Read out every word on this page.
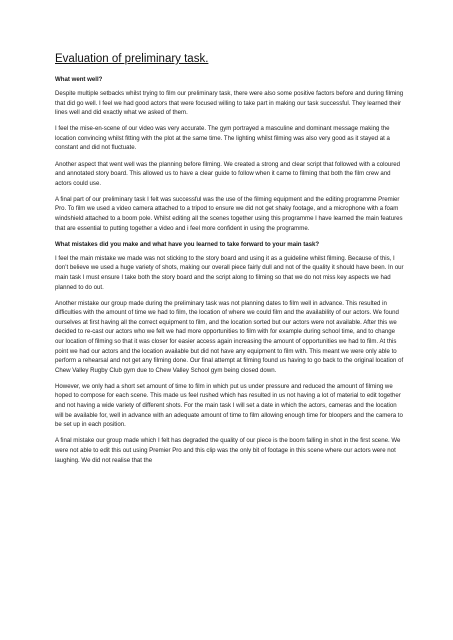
Evaluation of preliminary task.
What went well?

Despite multiple setbacks whilst trying to film our preliminary task, there were also some positive factors before and during filming that did go well. I feel we had good actors that were focused willing to take part in making our task successful. They learned their lines well and did exactly what we asked of them.

I feel the mise-en-scene of our video was very accurate. The gym portrayed a masculine and dominant message making the location convincing whilst fitting with the plot at the same time. The lighting whilst filming was also very good as it stayed at a constant and did not fluctuate.

Another aspect that went well was the planning before filming. We created a strong and clear script that followed with a coloured and annotated story board. This allowed us to have a clear guide to follow when it came to filming that both the film crew and actors could use.

A final part of our preliminary task I felt was successful was the use of the filming equipment and the editing programme Premier Pro. To film we used a video camera attached to a tripod to ensure we did not get shaky footage, and a microphone with a foam windshield attached to a boom pole. Whilst editing all the scenes together using this programme I have learned the main features that are essential to putting together a video and i feel more confident in using the programme.

What mistakes did you make and what have you learned to take forward to your main task?

I feel the main mistake we made was not sticking to the story board and using it as a guideline whilst filming. Because of this, I don’t believe we used a huge variety of shots, making our overall piece fairly dull and not of the quality it should have been. In our main task I must ensure I take both the story board and the script along to filming so that we do not miss key aspects we had planned to do out.

Another mistake our group made during the preliminary task was not planning dates to film well in advance. This resulted in difficulties with the amount of time we had to film, the location of where we could film and the availability of our actors. We found ourselves at first having all the correct equipment to film, and the location sorted but our actors were not available. After this we decided to re-cast our actors who we felt we had more opportunities to film with for example during school time, and to change our location of filming so that it was closer for easier access again increasing the amount of opportunities we had to film. At this point we had our actors and the location available but did not have any equipment to film with. This meant we were only able to perform a rehearsal and not get any filming done. Our final attempt at filming found us having to go back to the original location of Chew Valley Rugby Club gym due to Chew Valley School gym being closed down.

However, we only had a short set amount of time to film in which put us under pressure and reduced the amount of filming we hoped to compose for each scene. This made us feel rushed which has resulted in us not having a lot of material to edit together and not having a wide variety of different shots. For the main task I will set a date in which the actors, cameras and the location will be available for, well in advance with an adequate amount of time to film allowing enough time for bloopers and the camera to be set up in each position.

A final mistake our group made which I felt has degraded the quality of our piece is the boom falling in shot in the first scene. We were not able to edit this out using Premier Pro and this clip was the only bit of footage in this scene where our actors were not laughing. We did not realise that the
